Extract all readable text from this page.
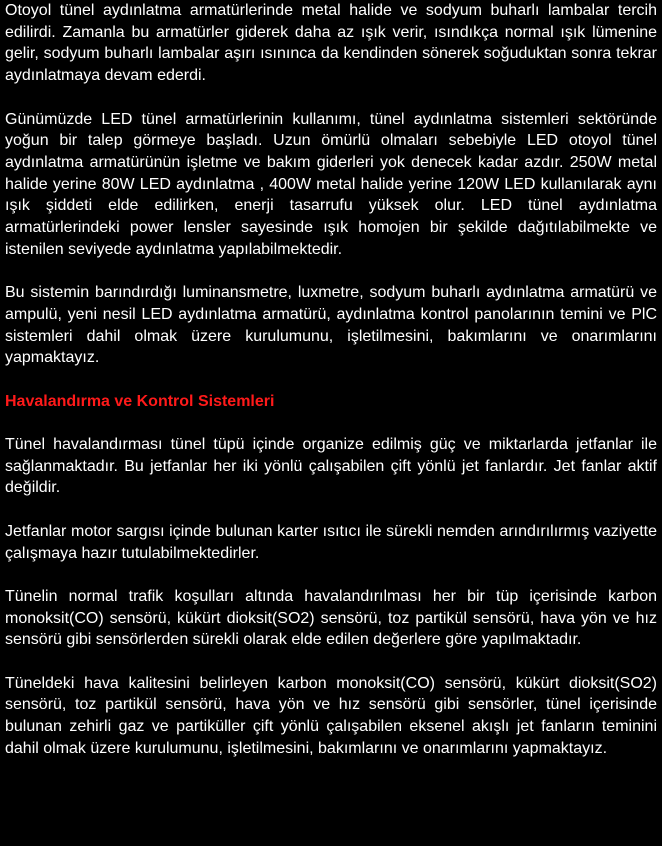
Otoyol tünel aydınlatma armatürlerinde metal halide ve sodyum buharlı lambalar tercih edilirdi. Zamanla bu armatürler giderek daha az ışık verir, ısındıkça normal ışık lümenine gelir, sodyum buharlı lambalar aşırı ısınınca da kendinden sönerek soğuduktan sonra tekrar aydınlatmaya devam ederdi.

Günümüzde LED tünel armatürlerinin kullanımı, tünel aydınlatma sistemleri sektöründe yoğun bir talep görmeye başladı. Uzun ömürlü olmaları sebebiyle LED otoyol tünel aydınlatma armatürünün işletme ve bakım giderleri yok denecek kadar azdır. 250W metal halide yerine 80W LED aydınlatma , 400W metal halide yerine 120W LED kullanılarak aynı ışık şiddeti elde edilirken, enerji tasarrufu yüksek olur. LED tünel aydınlatma armatürlerindeki power lensler sayesinde ışık homojen bir şekilde dağıtılabilmekte ve istenilen seviyede aydınlatma yapılabilmektedir.

Bu sistemin barındırdığı luminansmetre, luxmetre, sodyum buharlı aydınlatma armatürü ve ampulü, yeni nesil LED aydınlatma armatürü, aydınlatma kontrol panolarının temini ve PlC sistemleri dahil olmak üzere kurulumunu, işletilmesini, bakımlarını ve onarımlarını yapmaktayız.

Havalandırma ve Kontrol Sistemleri

Tünel havalandırması tünel tüpü içinde organize edilmiş güç ve miktarlarda jetfanlar ile sağlanmaktadır. Bu jetfanlar her iki yönlü çalışabilen çift yönlü jet fanlardır. Jet fanlar aktif değildir.

Jetfanlar motor sargısı içinde bulunan karter ısıtıcı ile sürekli nemden arındırılırmış vaziyette çalışmaya hazır tutulabilmektedirler.

Tünelin normal trafik koşulları altında havalandırılması her bir tüp içerisinde karbon monoksit(CO) sensörü, kükürt dioksit(SO2) sensörü, toz partikül sensörü, hava yön ve hız sensörü gibi sensörlerden sürekli olarak elde edilen değerlere göre yapılmaktadır.

Tüneldeki hava kalitesini belirleyen karbon monoksit(CO) sensörü, kükürt dioksit(SO2) sensörü, toz partikül sensörü, hava yön ve hız sensörü gibi sensörler, tünel içerisinde bulunan zehirli gaz ve partiküller çift yönlü çalışabilen eksenel akışlı jet fanların teminini dahil olmak üzere kurulumunu, işletilmesini, bakımlarını ve onarımlarını yapmaktayız.
